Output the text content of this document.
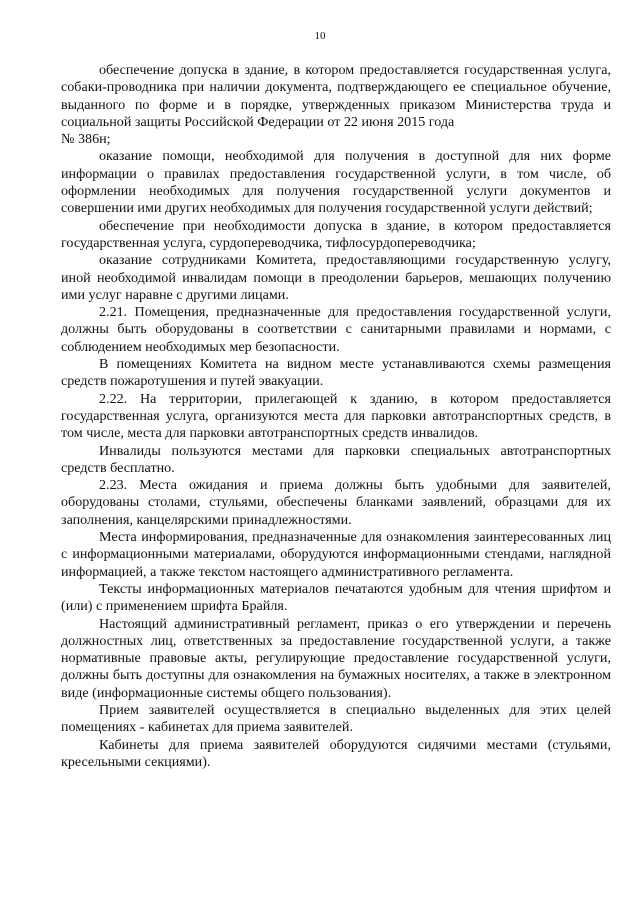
10

обеспечение допуска в здание, в котором предоставляется государственная услуга, собаки-проводника при наличии документа, подтверждающего ее специальное обучение, выданного по форме и в порядке, утвержденных приказом Министерства труда и социальной защиты Российской Федерации от 22 июня 2015 года

№ 386н;

оказание помощи, необходимой для получения в доступной для них форме информации о правилах предоставления государственной услуги, в том числе, об оформлении необходимых для получения государственной услуги документов и совершении ими других необходимых для получения государственной услуги действий;

обеспечение при необходимости допуска в здание, в котором предоставляется государственная услуга, сурдопереводчика, тифлосурдопереводчика;

оказание сотрудниками Комитета, предоставляющими государственную услугу, иной необходимой инвалидам помощи в преодолении барьеров, мешающих получению ими услуг наравне с другими лицами.

2.21. Помещения, предназначенные для предоставления государственной услуги, должны быть оборудованы в соответствии с санитарными правилами и нормами, с соблюдением необходимых мер безопасности.

В помещениях Комитета на видном месте устанавливаются схемы размещения средств пожаротушения и путей эвакуации.

2.22. На территории, прилегающей к зданию, в котором предоставляется государственная услуга, организуются места для парковки автотранспортных средств, в том числе, места для парковки автотранспортных средств инвалидов.

Инвалиды пользуются местами для парковки специальных автотранспортных средств бесплатно.

2.23. Места ожидания и приема должны быть удобными для заявителей, оборудованы столами, стульями, обеспечены бланками заявлений, образцами для их заполнения, канцелярскими принадлежностями.

Места информирования, предназначенные для ознакомления заинтересованных лиц с информационными материалами, оборудуются информационными стендами, наглядной информацией, а также текстом настоящего административного регламента.

Тексты информационных материалов печатаются удобным для чтения шрифтом и (или) с применением шрифта Брайля.

Настоящий административный регламент, приказ о его утверждении и перечень должностных лиц, ответственных за предоставление государственной услуги, а также нормативные правовые акты, регулирующие предоставление государственной услуги, должны быть доступны для ознакомления на бумажных носителях, а также в электронном виде (информационные системы общего пользования).

Прием заявителей осуществляется в специально выделенных для этих целей помещениях - кабинетах для приема заявителей.

Кабинеты для приема заявителей оборудуются сидячими местами (стульями, кресельными секциями).
